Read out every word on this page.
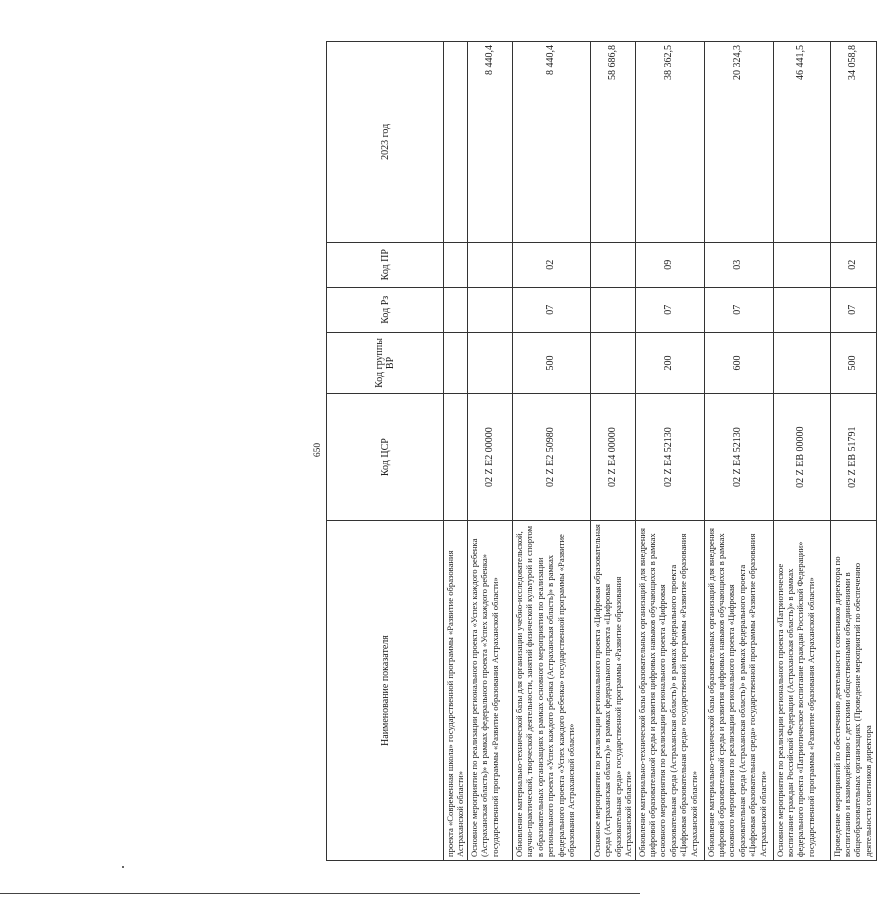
650
Наименование показателя	Код ЦСР	Код группы ВР	Код Рз	Код ПР	2023 год
проекта «Современная школа» государственной программы «Развитие образования Астраханской области»					
Основное мероприятие по реализации регионального проекта «Успех каждого ребенка (Астраханская область)» в рамках федерального проекта «Успех каждого ребенка» государственной программы «Развитие образования Астраханской области»	02 Z E2 00000				8 440,4
Обновление материально-технической базы для организации учебно-исследовательской, научно-практической, творческой деятельности, занятий физической культурой и спортом в образовательных организациях в рамках основного мероприятия по реализации регионального проекта «Успех каждого ребенка (Астраханская область)» в рамках федерального проекта «Успех каждого ребенка» государственной программы «Развитие образования Астраханской области»	02 Z E2 50980	500	07	02	8 440,4
Основное мероприятие по реализации регионального проекта «Цифровая образовательная среда (Астраханская область)» в рамках федерального проекта «Цифровая образовательная среда» государственной программы «Развитие образования Астраханской области»	02 Z E4 00000				58 686,8
Обновление материально-технической базы образовательных организаций для внедрения цифровой образовательной среды и развития цифровых навыков обучающихся в рамках основного мероприятия по реализации регионального проекта «Цифровая образовательная среда (Астраханская область)» в рамках федерального проекта «Цифровая образовательная среда» государственной программы «Развитие образования Астраханской области»	02 Z E4 52130	200	07	09	38 362,5
Обновление материально-технической базы образовательных организаций для внедрения цифровой образовательной среды и развития цифровых навыков обучающихся в рамках основного мероприятия по реализации регионального проекта «Цифровая образовательная среда (Астраханская область)» в рамках федерального проекта «Цифровая образовательная среда» государственной программы «Развитие образования Астраханской области»	02 Z E4 52130	600	07	03	20 324,3
Основное мероприятие по реализации регионального проекта «Патриотическое воспитание граждан Российской Федерации (Астраханская область)» в рамках федерального проекта «Патриотическое воспитание граждан Российской Федерации» государственной программы «Развитие образования Астраханской области»	02 Z EB 00000				46 441,5
Проведение мероприятий по обеспечению деятельности советников директора по воспитанию и взаимодействию с детскими общественными объединениями в общеобразовательных организациях (Проведение мероприятий по обеспечению деятельности советников директора	02 Z EB 51791	500	07	02	34 058,8
